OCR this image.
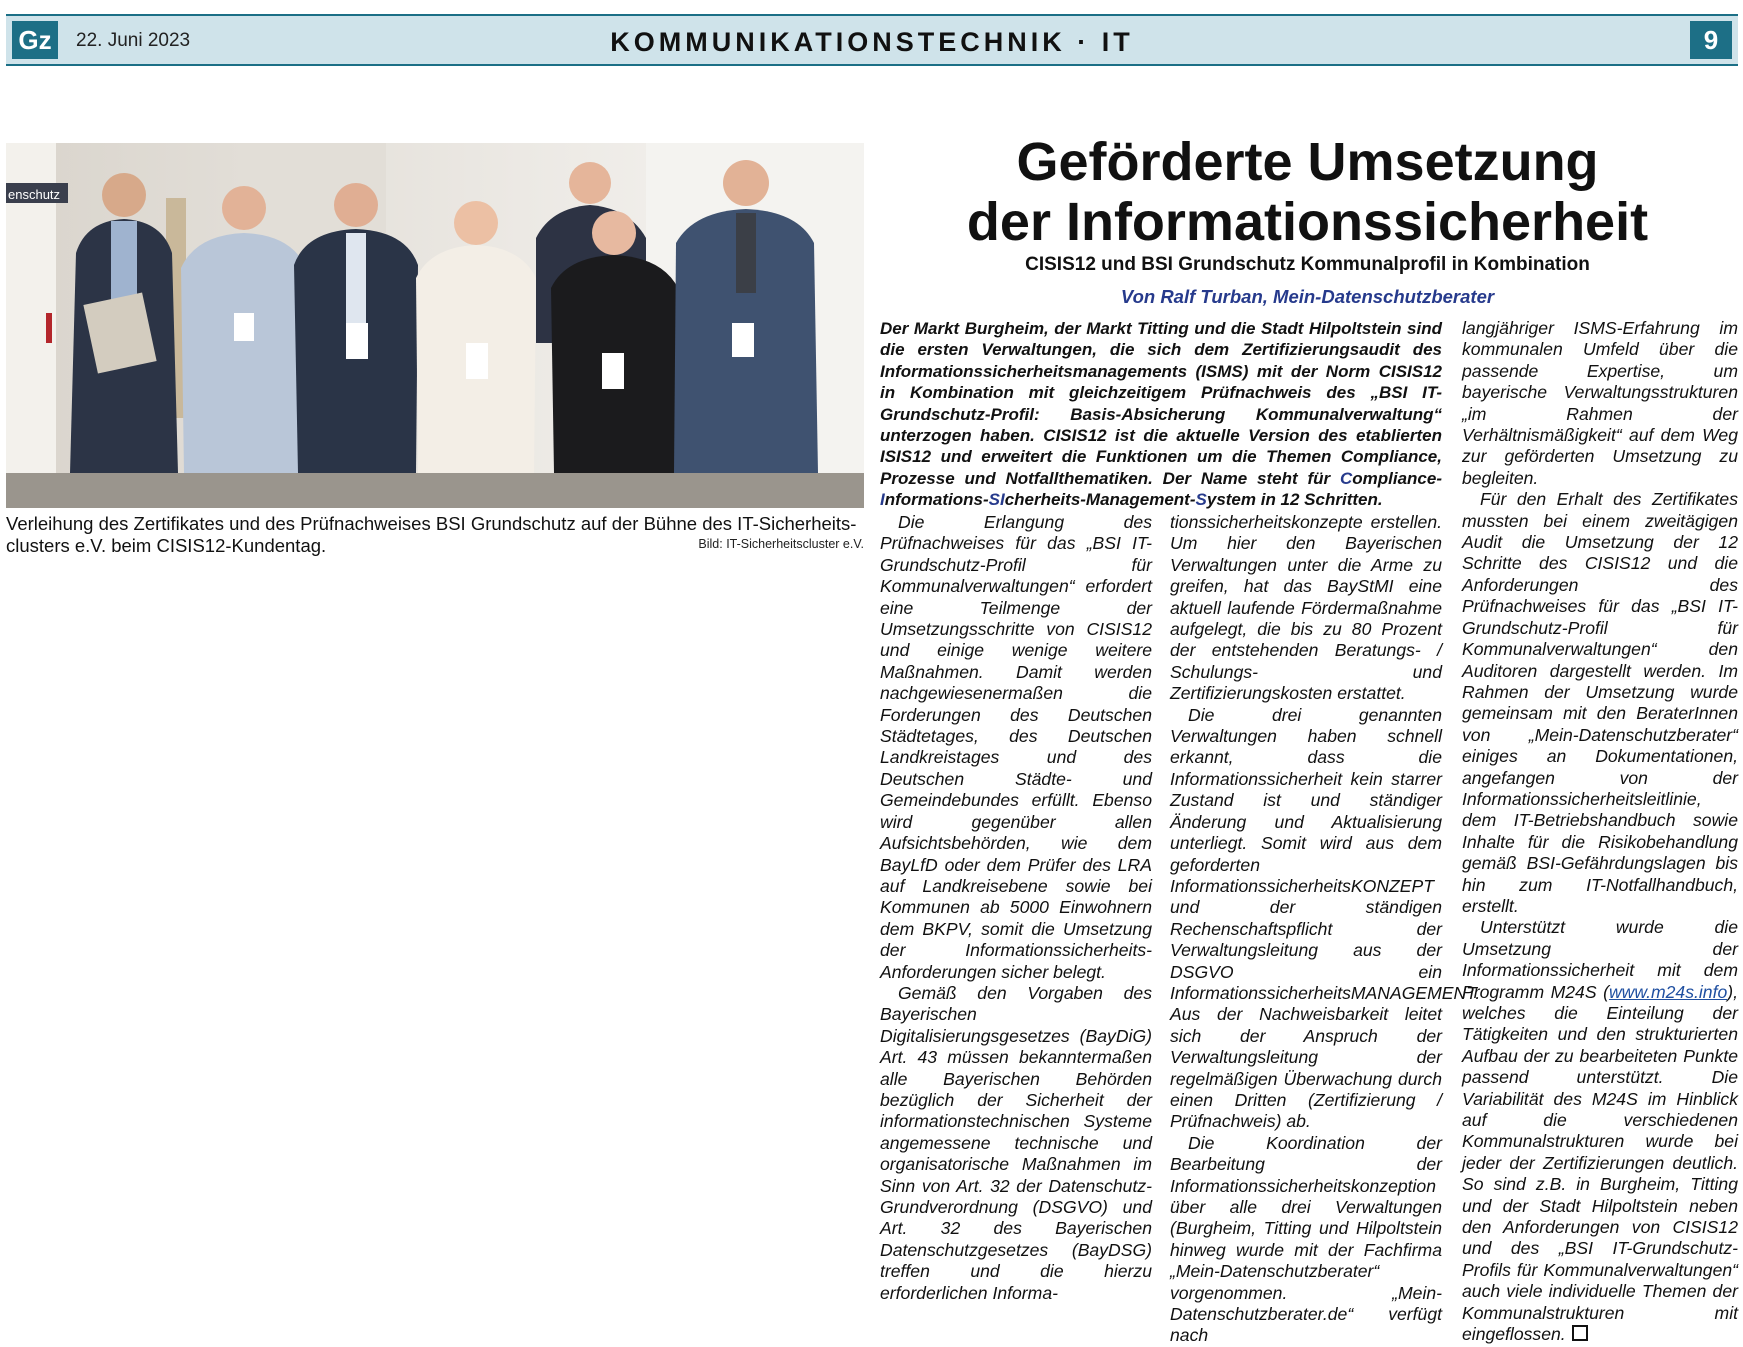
Gz	22. Juni 2023	KOMMUNIKATIONSTECHNIK · IT	9
enschutz
Verleihung des Zertifikates und des Prüfnachweises BSI Grundschutz auf der Bühne des IT-Sicherheits-clusters e.V. beim CISIS12-Kundentag.	Bild: IT-Sicherheitscluster e.V.
Geförderte Umsetzung
der Informationssicherheit
CISIS12 und BSI Grundschutz Kommunalprofil in Kombination
Von Ralf Turban, Mein-Datenschutzberater
Der Markt Burgheim, der Markt Titting und die Stadt Hilpoltstein sind die ersten Verwaltungen, die sich dem Zertifizierungsaudit des Informationssicherheitsmanagements (ISMS) mit der Norm CISIS12 in Kombination mit gleichzeitigem Prüfnachweis des „BSI IT-Grundschutz-Profil: Basis-Absicherung Kommunalverwaltung“ unterzogen haben. CISIS12 ist die aktuelle Version des etablierten ISIS12 und erweitert die Funktionen um die Themen Compliance, Prozesse und Notfallthematiken. Der Name steht für Compliance-Informations-SIcherheits-Management-System in 12 Schritten.

Die Erlangung des Prüfnachweises für das „BSI IT-Grundschutz-Profil für Kommunalverwaltungen“ erfordert eine Teilmenge der Umsetzungsschritte von CISIS12 und einige wenige weitere Maßnahmen. Damit werden nachgewiesenermaßen die Forderungen des Deutschen Städtetages, des Deutschen Landkreistages und des Deutschen Städte- und Gemeindebundes erfüllt. Ebenso wird gegenüber allen Aufsichtsbehörden, wie dem BayLfD oder dem Prüfer des LRA auf Landkreisebene sowie bei Kommunen ab 5000 Einwohnern dem BKPV, somit die Umsetzung der Informationssicherheits-Anforderungen sicher belegt.

Gemäß den Vorgaben des Bayerischen Digitalisierungsgesetzes (BayDiG) Art. 43 müssen bekanntermaßen alle Bayerischen Behörden bezüglich der Sicherheit der informationstechnischen Systeme angemessene technische und organisatorische Maßnahmen im Sinn von Art. 32 der Datenschutz-Grundverordnung (DSGVO) und Art. 32 des Bayerischen Datenschutzgesetzes (BayDSG) treffen und die hierzu erforderlichen Informa-

tionssicherheitskonzepte erstellen. Um hier den Bayerischen Verwaltungen unter die Arme zu greifen, hat das BayStMI eine aktuell laufende Fördermaßnahme aufgelegt, die bis zu 80 Prozent der entstehenden Beratungs- / Schulungs- und Zertifizierungskosten erstattet.

Die drei genannten Verwaltungen haben schnell erkannt, dass die Informationssicherheit kein starrer Zustand ist und ständiger Änderung und Aktualisierung unterliegt. Somit wird aus dem geforderten InformationssicherheitsKONZEPT und der ständigen Rechenschaftspflicht der Verwaltungsleitung aus der DSGVO ein InformationssicherheitsMANAGEMENT. Aus der Nachweisbarkeit leitet sich der Anspruch der Verwaltungsleitung der regelmäßigen Überwachung durch einen Dritten (Zertifizierung / Prüfnachweis) ab.

Die Koordination der Bearbeitung der Informationssicherheitskonzeption über alle drei Verwaltungen (Burgheim, Titting und Hilpoltstein hinweg wurde mit der Fachfirma „Mein-Datenschutzberater“ vorgenommen. „Mein-Datenschutzberater.de“ verfügt nach

langjähriger ISMS-Erfahrung im kommunalen Umfeld über die passende Expertise, um bayerische Verwaltungsstrukturen „im Rahmen der Verhältnismäßigkeit“ auf dem Weg zur geförderten Umsetzung zu begleiten.

Für den Erhalt des Zertifikates mussten bei einem zweitägigen Audit die Umsetzung der 12 Schritte des CISIS12 und die Anforderungen des Prüfnachweises für das „BSI IT-Grundschutz-Profil für Kommunalverwaltungen“ den Auditoren dargestellt werden. Im Rahmen der Umsetzung wurde gemeinsam mit den BeraterInnen von „Mein-Datenschutzberater“ einiges an Dokumentationen, angefangen von der Informationssicherheitsleitlinie, dem IT-Betriebshandbuch sowie Inhalte für die Risikobehandlung gemäß BSI-Gefährdungslagen bis hin zum IT-Notfallhandbuch, erstellt.

Unterstützt wurde die Umsetzung der Informationssicherheit mit dem Programm M24S (www.m24s.info), welches die Einteilung der Tätigkeiten und den strukturierten Aufbau der zu bearbeiteten Punkte passend unterstützt. Die Variabilität des M24S im Hinblick auf die verschiedenen Kommunalstrukturen wurde bei jeder der Zertifizierungen deutlich. So sind z.B. in Burgheim, Titting und der Stadt Hilpoltstein neben den Anforderungen von CISIS12 und des „BSI IT-Grundschutz-Profils für Kommunalverwaltungen“ auch viele individuelle Themen der Kommunalstrukturen mit eingeflossen.
